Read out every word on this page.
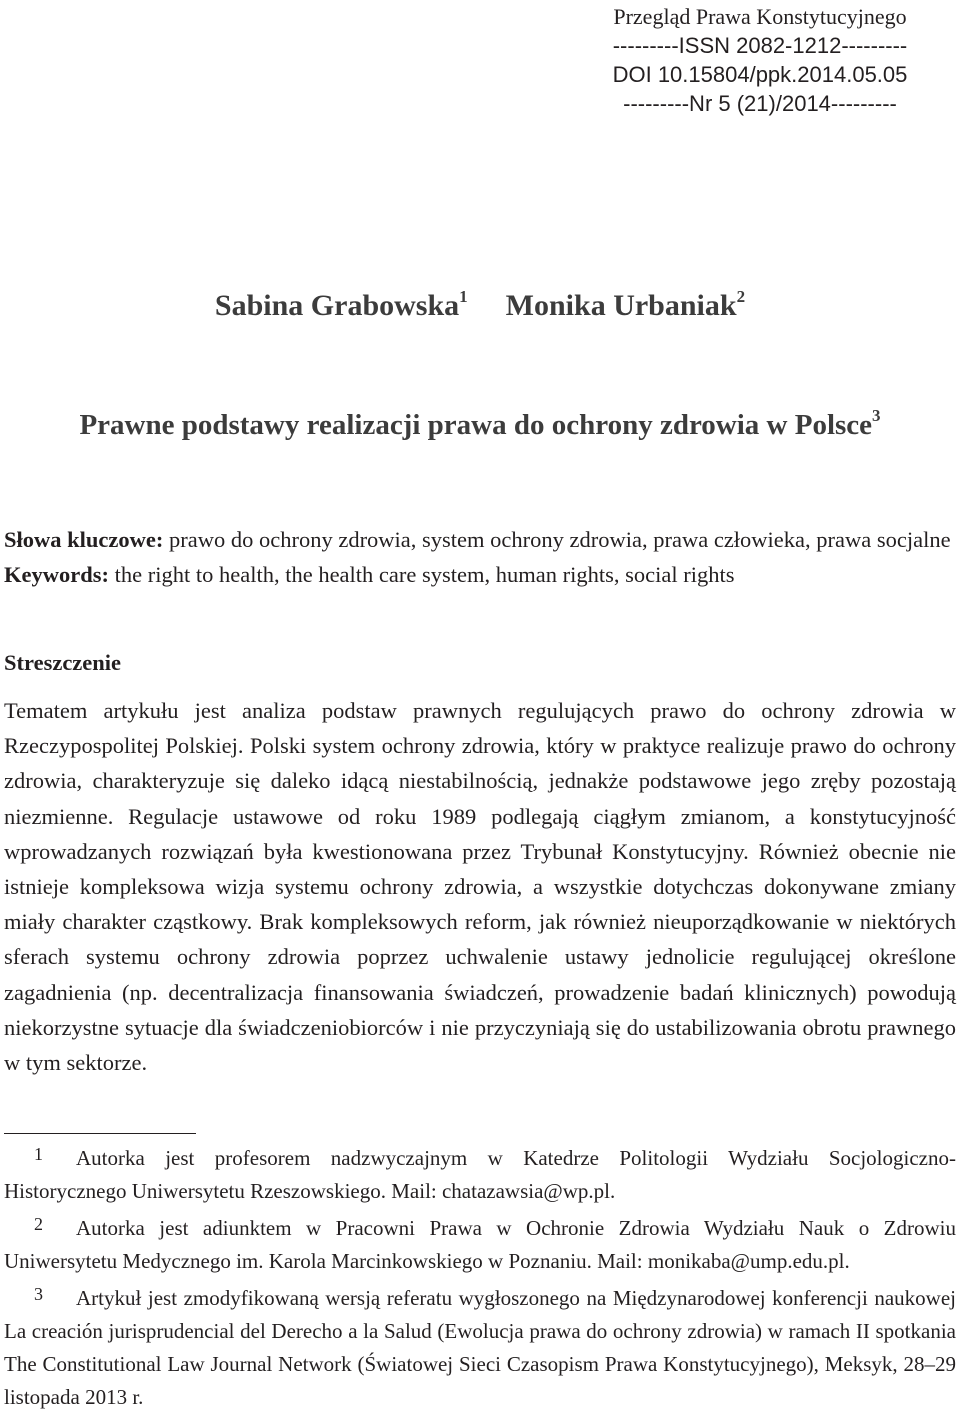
Przegląd Prawa Konstytucyjnego
---------ISSN 2082-1212---------
DOI 10.15804/ppk.2014.05.05
---------Nr 5 (21)/2014---------
Sabina Grabowska$^1$ Monika Urbaniak$^2$
Prawne podstawy realizacji prawa do ochrony zdrowia w Polsce$^3$

Słowa kluczowe: prawo do ochrony zdrowia, system ochrony zdrowia, prawa człowieka, prawa socjalne

Keywords: the right to health, the health care system, human rights, social rights

Streszczenie

Tematem artykułu jest analiza podstaw prawnych regulujących prawo do ochrony zdrowia w Rzeczypospolitej Polskiej. Polski system ochrony zdrowia, który w praktyce realizuje prawo do ochrony zdrowia, charakteryzuje się daleko idącą niestabilnością, jednakże podstawowe jego zręby pozostają niezmienne. Regulacje ustawowe od roku 1989 podlegają ciągłym zmianom, a konstytucyjność wprowadzanych rozwiązań była kwestionowana przez Trybunał Konstytucyjny. Również obecnie nie istnieje kompleksowa wizja systemu ochrony zdrowia, a wszystkie dotychczas dokonywane zmiany miały charakter cząstkowy. Brak kompleksowych reform, jak również nieuporządkowanie w niektórych sferach systemu ochrony zdrowia poprzez uchwalenie ustawy jednolicie regulującej określone zagadnienia (np. decentralizacja finansowania świadczeń, prowadzenie badań klinicznych) powodują niekorzystne sytuacje dla świadczeniobiorców i nie przyczyniają się do ustabilizowania obrotu prawnego w tym sektorze.

1 Autorka jest profesorem nadzwyczajnym w Katedrze Politologii Wydziału Socjologiczno-Historycznego Uniwersytetu Rzeszowskiego. Mail: chatazawsia@wp.pl.

2 Autorka jest adiunktem w Pracowni Prawa w Ochronie Zdrowia Wydziału Nauk o Zdrowiu Uniwersytetu Medycznego im. Karola Marcinkowskiego w Poznaniu. Mail: monikaba@ump.edu.pl.

3 Artykuł jest zmodyfikowaną wersją referatu wygłoszonego na Międzynarodowej konferencji naukowej La creación jurisprudencial del Derecho a la Salud (Ewolucja prawa do ochrony zdrowia) w ramach II spotkania The Constitutional Law Journal Network (Światowej Sieci Czasopism Prawa Konstytucyjnego), Meksyk, 28–29 listopada 2013 r.
